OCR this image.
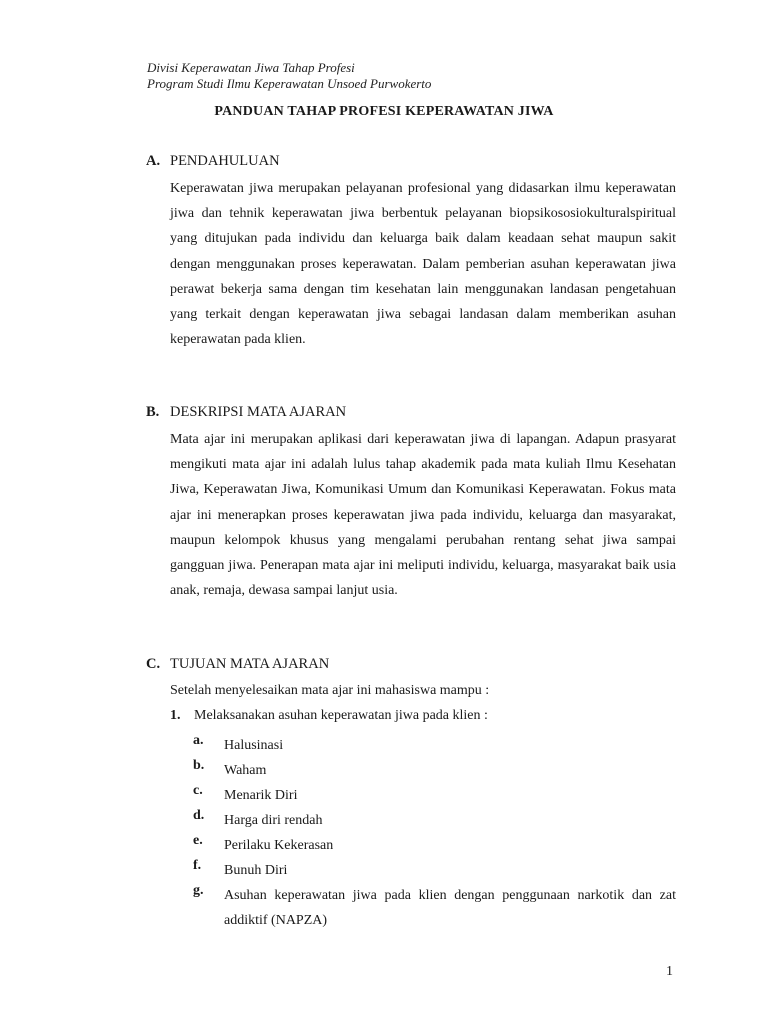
Divisi Keperawatan Jiwa Tahap Profesi
Program Studi Ilmu Keperawatan Unsoed Purwokerto
PANDUAN TAHAP PROFESI KEPERAWATAN JIWA
A. PENDAHULUAN

Keperawatan jiwa merupakan pelayanan profesional yang didasarkan ilmu keperawatan jiwa dan tehnik keperawatan jiwa berbentuk pelayanan biopsikososiokulturalspiritual yang ditujukan pada individu dan keluarga baik dalam keadaan sehat maupun sakit dengan menggunakan proses keperawatan. Dalam pemberian asuhan keperawatan jiwa perawat bekerja sama dengan tim kesehatan lain menggunakan landasan pengetahuan yang terkait dengan keperawatan jiwa sebagai landasan dalam memberikan asuhan keperawatan pada klien.

B. DESKRIPSI MATA AJARAN

Mata ajar ini merupakan aplikasi dari keperawatan jiwa di lapangan. Adapun prasyarat mengikuti mata ajar ini adalah lulus tahap akademik pada mata kuliah Ilmu Kesehatan Jiwa, Keperawatan Jiwa, Komunikasi Umum dan Komunikasi Keperawatan. Fokus mata ajar ini menerapkan proses keperawatan jiwa pada individu, keluarga dan masyarakat, maupun kelompok khusus yang mengalami perubahan rentang sehat jiwa sampai gangguan jiwa. Penerapan mata ajar ini meliputi individu, keluarga, masyarakat baik usia anak, remaja, dewasa sampai lanjut usia.

C. TUJUAN MATA AJARAN
Setelah menyelesaikan mata ajar ini mahasiswa mampu :
1. Melaksanakan asuhan keperawatan jiwa pada klien :
a. Halusinasi
b. Waham
c. Menarik Diri
d. Harga diri rendah
e. Perilaku Kekerasan
f. Bunuh Diri
g. Asuhan keperawatan jiwa pada klien dengan penggunaan narkotik dan zat addiktif (NAPZA)
1
